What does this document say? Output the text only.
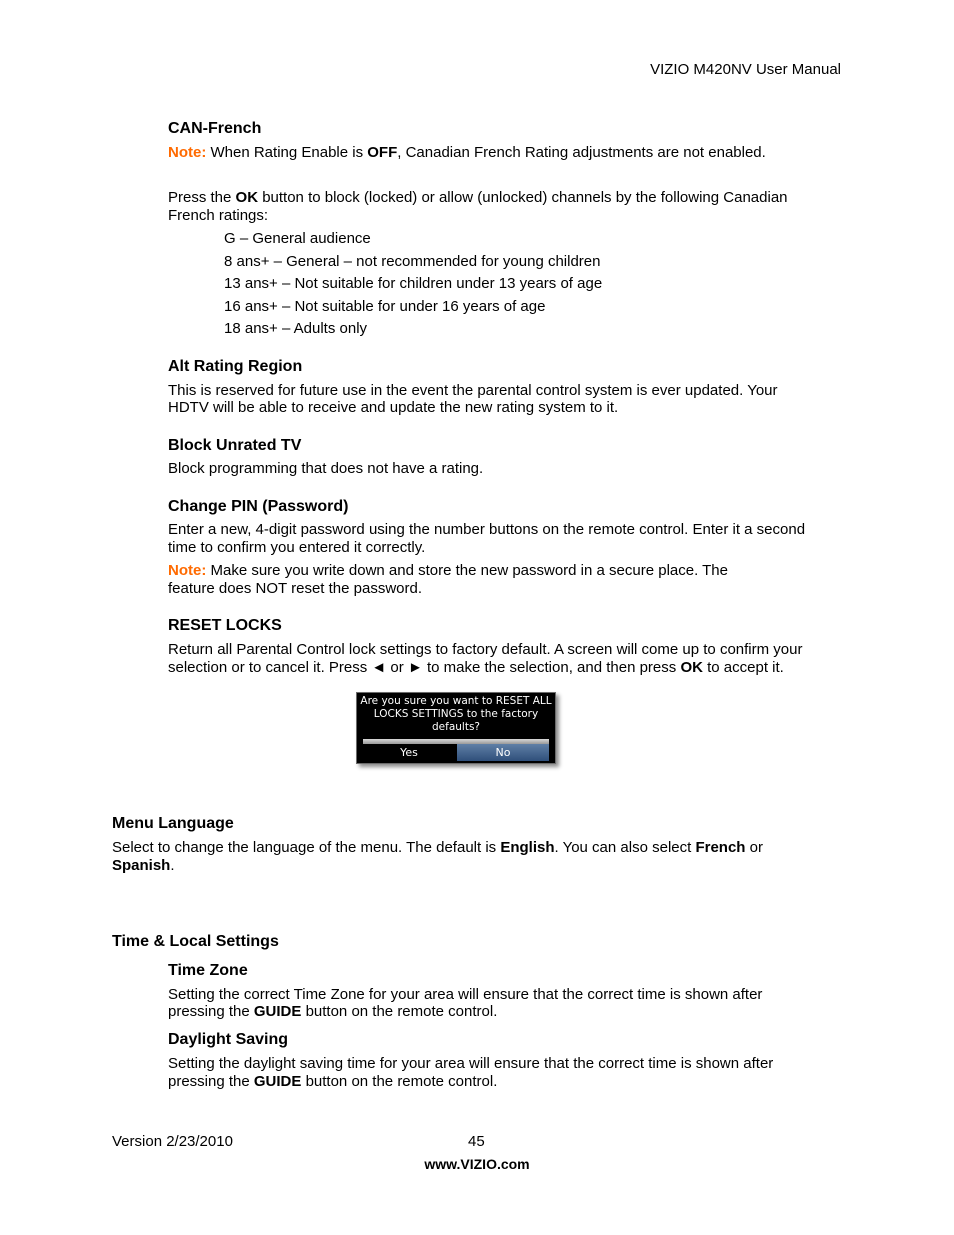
VIZIO M420NV User Manual
CAN-French
Note: When Rating Enable is OFF, Canadian French Rating adjustments are not enabled.
Press the OK button to block (locked) or allow (unlocked) channels by the following Canadian
French ratings:
G – General audience
8 ans+ – General – not recommended for young children
13 ans+ – Not suitable for children under 13 years of age
16 ans+ – Not suitable for under 16 years of age
18 ans+ – Adults only
Alt Rating Region
This is reserved for future use in the event the parental control system is ever updated. Your
HDTV will be able to receive and update the new rating system to it.
Block Unrated TV
Block programming that does not have a rating.
Change PIN (Password)
Enter a new, 4-digit password using the number buttons on the remote control. Enter it a second
time to confirm you entered it correctly.
Note: Make sure you write down and store the new password in a secure place. The
feature does NOT reset the password.
RESET LOCKS
Return all Parental Control lock settings to factory default. A screen will come up to confirm your
selection or to cancel it. Press ◄ or ► to make the selection, and then press OK to accept it.
Are you sure you want to RESET ALL
LOCKS SETTINGS to the factory
defaults?
Yes	No
Menu Language
Select to change the language of the menu. The default is English. You can also select French or
Spanish.
Time & Local Settings
Time Zone
Setting the correct Time Zone for your area will ensure that the correct time is shown after
pressing the GUIDE button on the remote control.
Daylight Saving
Setting the daylight saving time for your area will ensure that the correct time is shown after
pressing the GUIDE button on the remote control.
Version 2/23/2010	45
www.VIZIO.com
